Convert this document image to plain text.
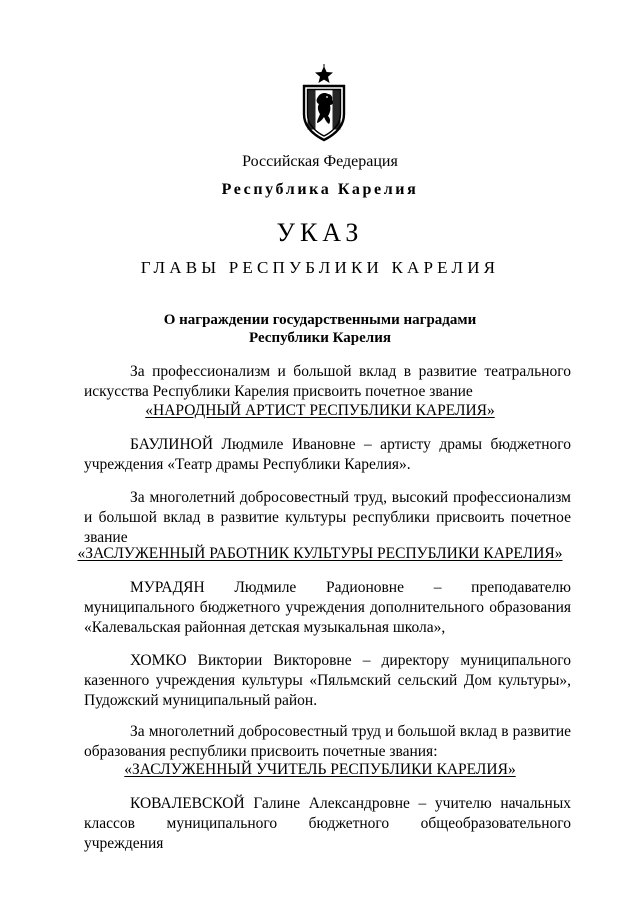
Российская Федерация
Республика Карелия
УКАЗ
ГЛАВЫ РЕСПУБЛИКИ КАРЕЛИЯ
О награждении государственными наградами
Республики Карелия
За профессионализм и большой вклад в развитие театрального искусства Республики Карелия присвоить почетное звание
«НАРОДНЫЙ АРТИСТ РЕСПУБЛИКИ КАРЕЛИЯ»
БАУЛИНОЙ Людмиле Ивановне – артисту драмы бюджетного учреждения «Театр драмы Республики Карелия».
За многолетний добросовестный труд, высокий профессионализм и большой вклад в развитие культуры республики присвоить почетное звание
«ЗАСЛУЖЕННЫЙ РАБОТНИК КУЛЬТУРЫ РЕСПУБЛИКИ КАРЕЛИЯ»
МУРАДЯН Людмиле Радионовне – преподавателю муниципального бюджетного учреждения дополнительного образования «Калевальская районная детская музыкальная школа»,
ХОМКО Виктории Викторовне – директору муниципального казенного учреждения культуры «Пяльмский сельский Дом культуры», Пудожский муниципальный район.
За многолетний добросовестный труд и большой вклад в развитие образования республики присвоить почетные звания:
«ЗАСЛУЖЕННЫЙ УЧИТЕЛЬ РЕСПУБЛИКИ КАРЕЛИЯ»
КОВАЛЕВСКОЙ Галине Александровне – учителю начальных классов муниципального бюджетного общеобразовательного учреждения
